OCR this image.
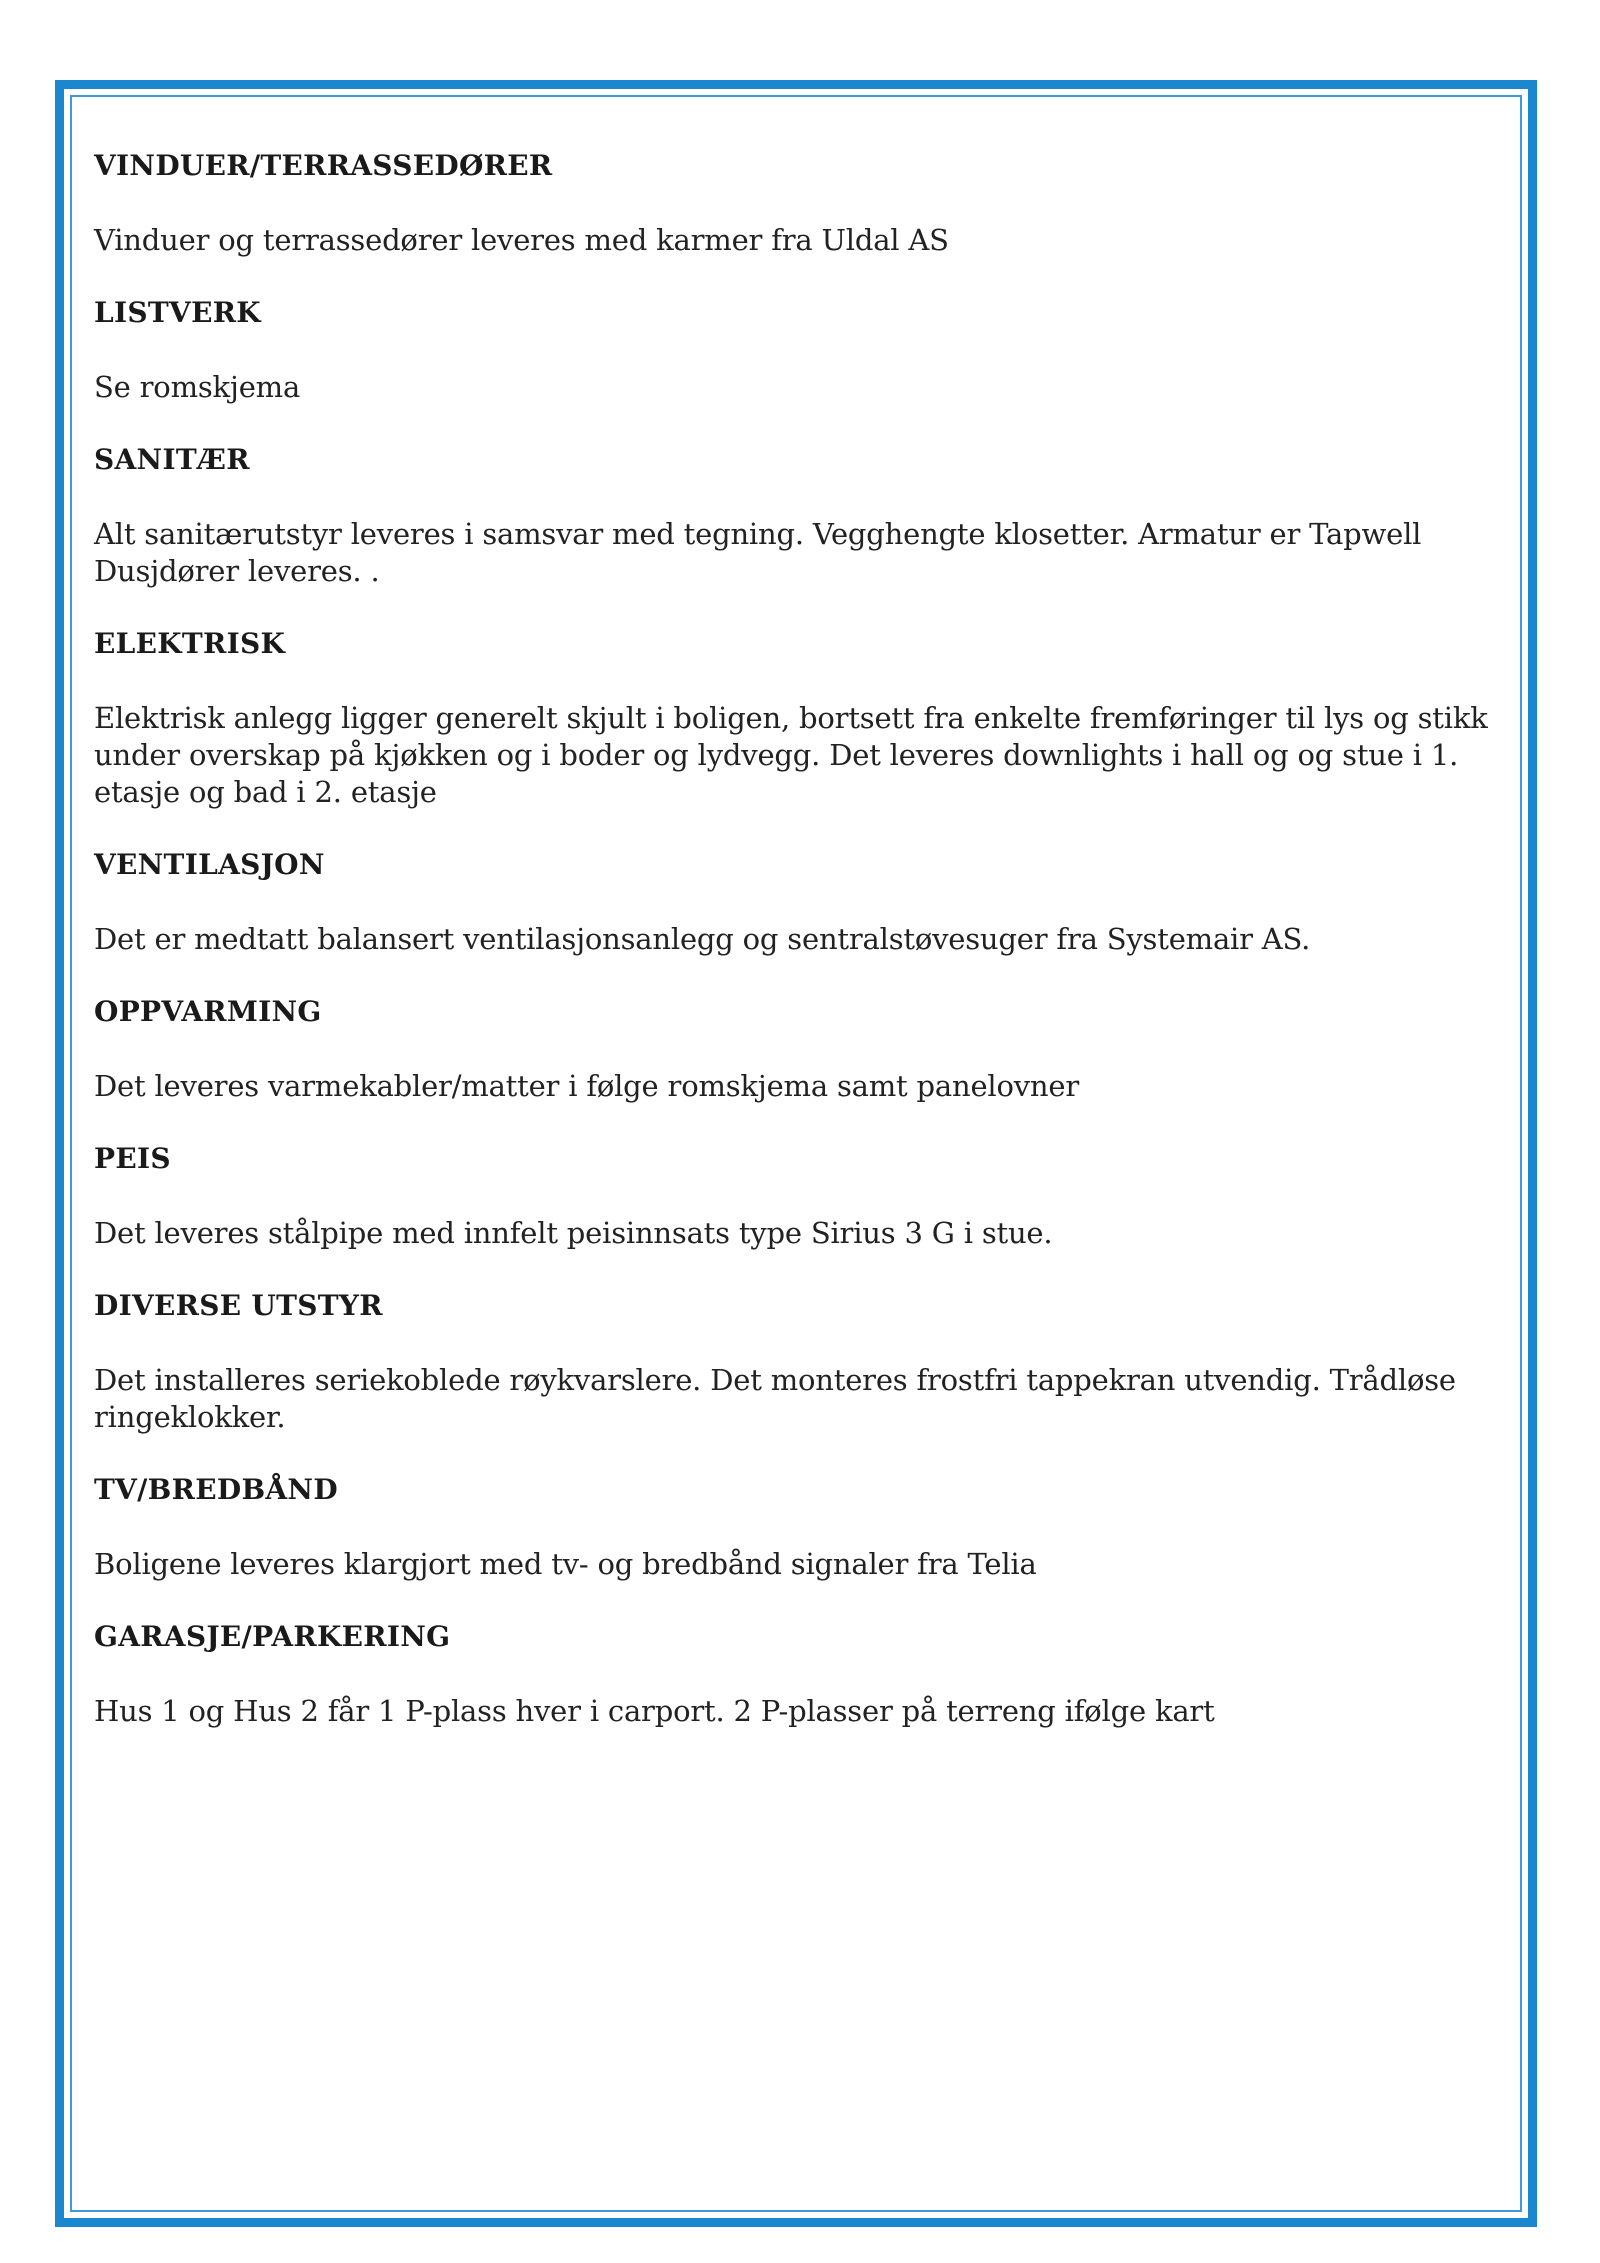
VINDUER/TERRASSEDØRER

Vinduer og terrassedører leveres med karmer fra Uldal AS

LISTVERK

Se romskjema

SANITÆR

Alt sanitærutstyr leveres i samsvar med tegning. Vegghengte klosetter. Armatur er Tapwell
Dusjdører leveres. .

ELEKTRISK

Elektrisk anlegg ligger generelt skjult i boligen, bortsett fra enkelte fremføringer til lys og stikk under overskap på kjøkken og i boder og lydvegg. Det leveres downlights i hall og og stue i 1. etasje og bad i 2. etasje

VENTILASJON

Det er medtatt balansert ventilasjonsanlegg og sentralstøvesuger fra Systemair AS.

OPPVARMING

Det leveres varmekabler/matter i følge romskjema samt panelovner

PEIS

Det leveres stålpipe med innfelt peisinnsats type Sirius 3 G i stue.

DIVERSE UTSTYR

Det installeres seriekoblede røykvarslere. Det monteres frostfri tappekran utvendig. Trådløse ringeklokker.

TV/BREDBÅND

Boligene leveres klargjort med tv- og bredbånd signaler fra Telia

GARASJE/PARKERING

Hus 1 og Hus 2 får 1 P-plass hver i carport. 2 P-plasser på terreng ifølge kart
